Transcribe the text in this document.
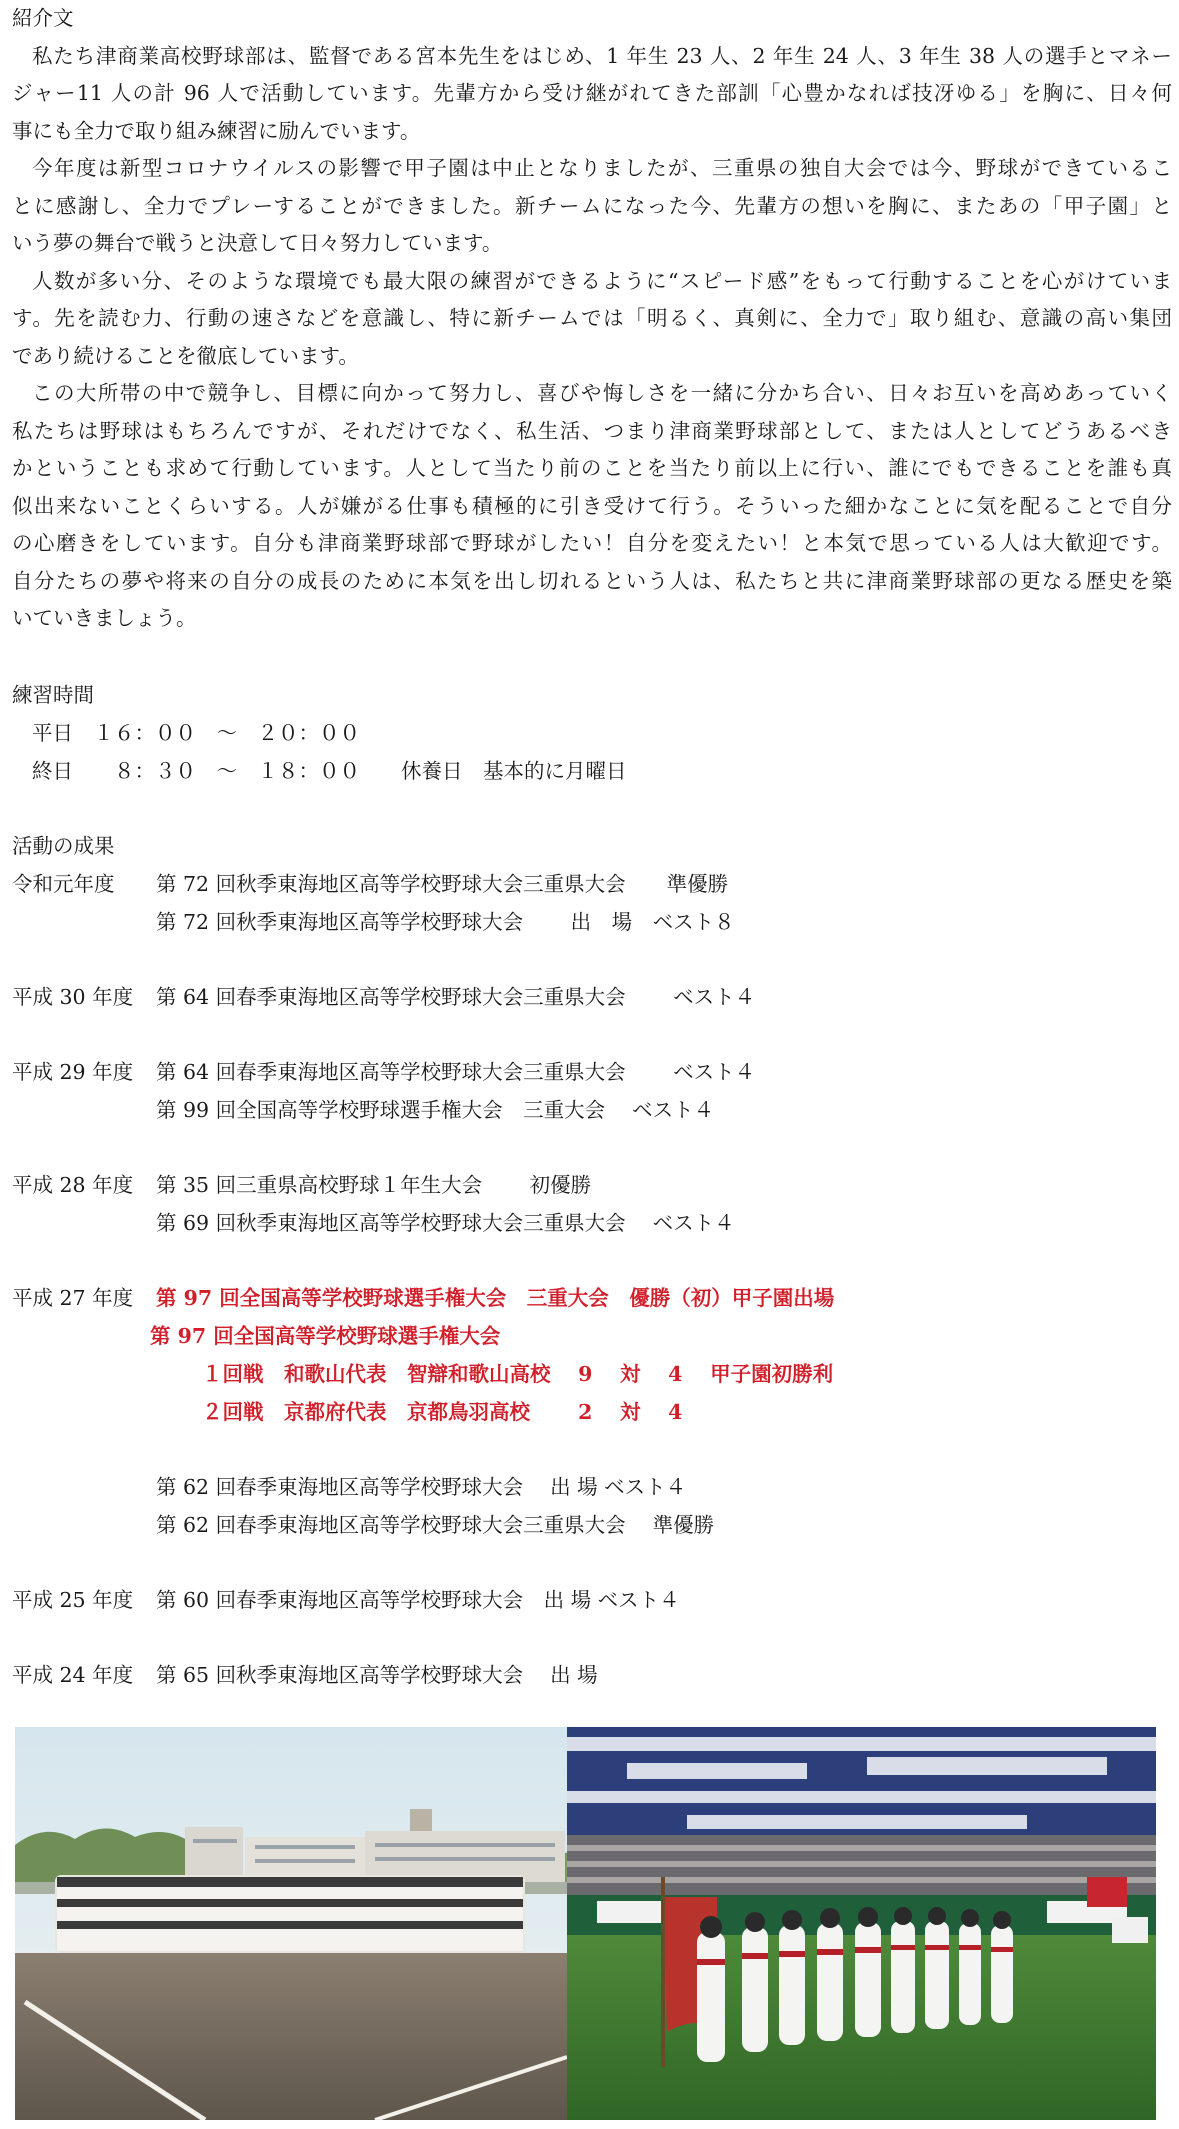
紹介文
私たち津商業高校野球部は、監督である宮本先生をはじめ、1 年生 23 人、2 年生 24 人、3 年生 38 人の選手とマネー
ジャー11 人の計 96 人で活動しています。先輩方から受け継がれてきた部訓「心豊かなれば技冴ゆる」を胸に、日々何
事にも全力で取り組み練習に励んでいます。
今年度は新型コロナウイルスの影響で甲子園は中止となりましたが、三重県の独自大会では今、野球ができているこ
とに感謝し、全力でプレーすることができました。新チームになった今、先輩方の想いを胸に、またあの「甲子園」と
いう夢の舞台で戦うと決意して日々努力しています。
人数が多い分、そのような環境でも最大限の練習ができるように“スピード感”をもって行動することを心がけていま
す。先を読む力、行動の速さなどを意識し、特に新チームでは「明るく、真剣に、全力で」取り組む、意識の高い集団
であり続けることを徹底しています。
この大所帯の中で競争し、目標に向かって努力し、喜びや悔しさを一緒に分かち合い、日々お互いを高めあっていく
私たちは野球はもちろんですが、それだけでなく、私生活、つまり津商業野球部として、または人としてどうあるべき
かということも求めて行動しています。人として当たり前のことを当たり前以上に行い、誰にでもできることを誰も真
似出来ないことくらいする。人が嫌がる仕事も積極的に引き受けて行う。そういった細かなことに気を配ることで自分
の心磨きをしています。自分も津商業野球部で野球がしたい！自分を変えたい！と本気で思っている人は大歓迎です。
自分たちの夢や将来の自分の成長のために本気を出し切れるという人は、私たちと共に津商業野球部の更なる歴史を築
いていきましょう。
練習時間
平日　１６：００　～　２０：００
終日　　８：３０　～　１８：００　　休養日　基本的に月曜日
活動の成果
令和元年度 第 72 回秋季東海地区高等学校野球大会三重県大会　　準優勝
第 72 回秋季東海地区高等学校野球大会　　 出　場　ベスト８
平成 30 年度 第 64 回春季東海地区高等学校野球大会三重県大会　　 ベスト４
平成 29 年度 第 64 回春季東海地区高等学校野球大会三重県大会　　 ベスト４
第 99 回全国高等学校野球選手権大会　三重大会　 ベスト４
平成 28 年度 第 35 回三重県高校野球１年生大会　　 初優勝
第 69 回秋季東海地区高等学校野球大会三重県大会　 ベスト４
平成 27 年度 第 97 回全国高等学校野球選手権大会　三重大会　優勝（初）甲子園出場
第 97 回全国高等学校野球選手権大会
１回戦　和歌山代表　智辯和歌山高校　 9　 対　 4　 甲子園初勝利
２回戦　京都府代表　京都鳥羽高校　　 2　 対　 4
第 62 回春季東海地区高等学校野球大会　 出 場 ベスト４
第 62 回春季東海地区高等学校野球大会三重県大会　 準優勝
平成 25 年度 第 60 回春季東海地区高等学校野球大会　出 場 ベスト４
平成 24 年度 第 65 回秋季東海地区高等学校野球大会　 出 場
